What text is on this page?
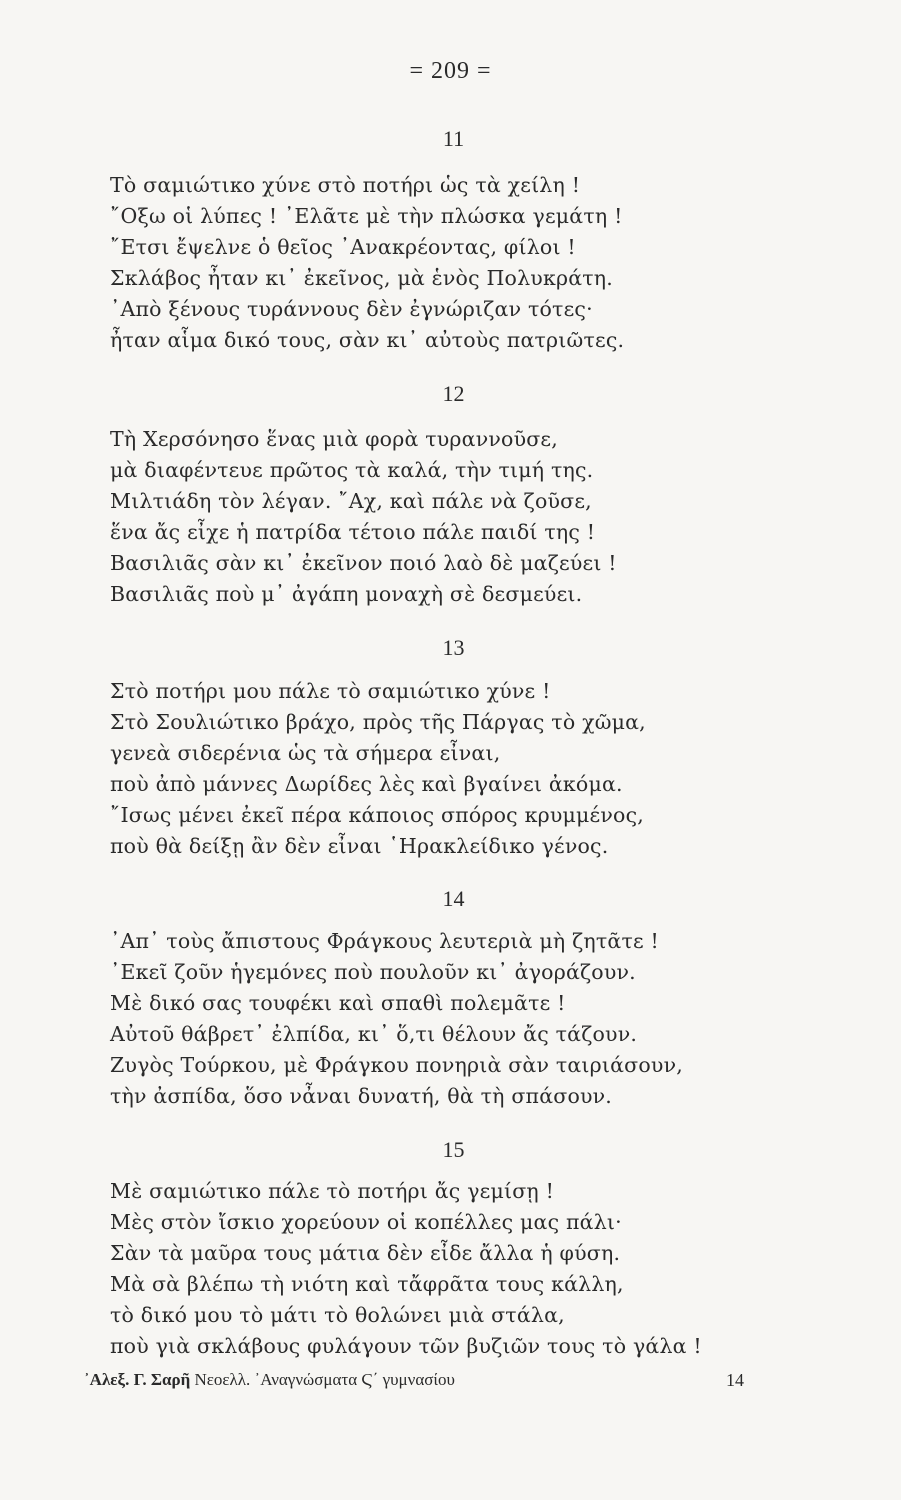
= 209 =
11
Τὸ σαμιώτικο χύνε στὸ ποτήρι ὡς τὰ χείλη !
῎Οξω οἱ λύπες ! ᾿Ελᾶτε μὲ τὴν πλώσκα γεμάτη !
῎Ετσι ἔψελνε ὁ θεῖος ᾿Ανακρέοντας, φίλοι !
Σκλάβος ἦταν κι᾿ ἐκεῖνος, μὰ ἑνὸς Πολυκράτη.
᾿Απὸ ξένους τυράννους δὲν ἐγνώριζαν τότες·
ἦταν αἷμα δικό τους, σὰν κι᾿ αὐτοὺς πατριῶτες.
12
Τὴ Χερσόνησο ἕνας μιὰ φορὰ τυραννοῦσε,
μὰ διαφέντευε πρῶτος τὰ καλά, τὴν τιμή της.
Μιλτιάδη τὸν λέγαν. ῎Αχ, καὶ πάλε νὰ ζοῦσε,
ἕνα ἄς εἶχε ἡ πατρίδα τέτοιο πάλε παιδί της !
Βασιλιᾶς σὰν κι᾿ ἐκεῖνον ποιό λαὸ δὲ μαζεύει !
Βασιλιᾶς ποὺ μ᾿ ἀγάπη μοναχὴ σὲ δεσμεύει.
13
Στὸ ποτήρι μου πάλε τὸ σαμιώτικο χύνε !
Στὸ Σουλιώτικο βράχο, πρὸς τῆς Πάργας τὸ χῶμα,
γενεὰ σιδερένια ὡς τὰ σήμερα εἶναι,
ποὺ ἀπὸ μάννες Δωρίδες λὲς καὶ βγαίνει ἀκόμα.
῎Ισως μένει ἐκεῖ πέρα κάποιος σπόρος κρυμμένος,
ποὺ θὰ δείξῃ ἂν δὲν εἶναι ῾Ηρακλείδικο γένος.
14
᾿Απ᾿ τοὺς ἄπιστους Φράγκους λευτεριὰ μὴ ζητᾶτε !
᾿Εκεῖ ζοῦν ἡγεμόνες ποὺ πουλοῦν κι᾿ ἀγοράζουν.
Μὲ δικό σας τουφέκι καὶ σπαθὶ πολεμᾶτε !
Αὐτοῦ θάβρετ᾿ ἐλπίδα, κι᾿ ὅ,τι θέλουν ἄς τάζουν.
Ζυγὸς Τούρκου, μὲ Φράγκου πονηριὰ σὰν ταιριάσουν,
τὴν ἀσπίδα, ὅσο νἆναι δυνατή, θὰ τὴ σπάσουν.
15
Μὲ σαμιώτικο πάλε τὸ ποτήρι ἄς γεμίσῃ !
Μὲς στὸν ἴσκιο χορεύουν οἱ κοπέλλες μας πάλι·
Σὰν τὰ μαῦρα τους μάτια δὲν εἶδε ἄλλα ἡ φύση.
Μὰ σὰ βλέπω τὴ νιότη καὶ τἄφρᾶτα τους κάλλη,
τὸ δικό μου τὸ μάτι τὸ θολώνει μιὰ στάλα,
ποὺ γιὰ σκλάβους φυλάγουν τῶν βυζιῶν τους τὸ γάλα !
᾿Αλεξ. Γ. Σαρῆ Νεοελλ. ᾿Αναγνώσματα Ϛ΄ γυμνασίου	14
